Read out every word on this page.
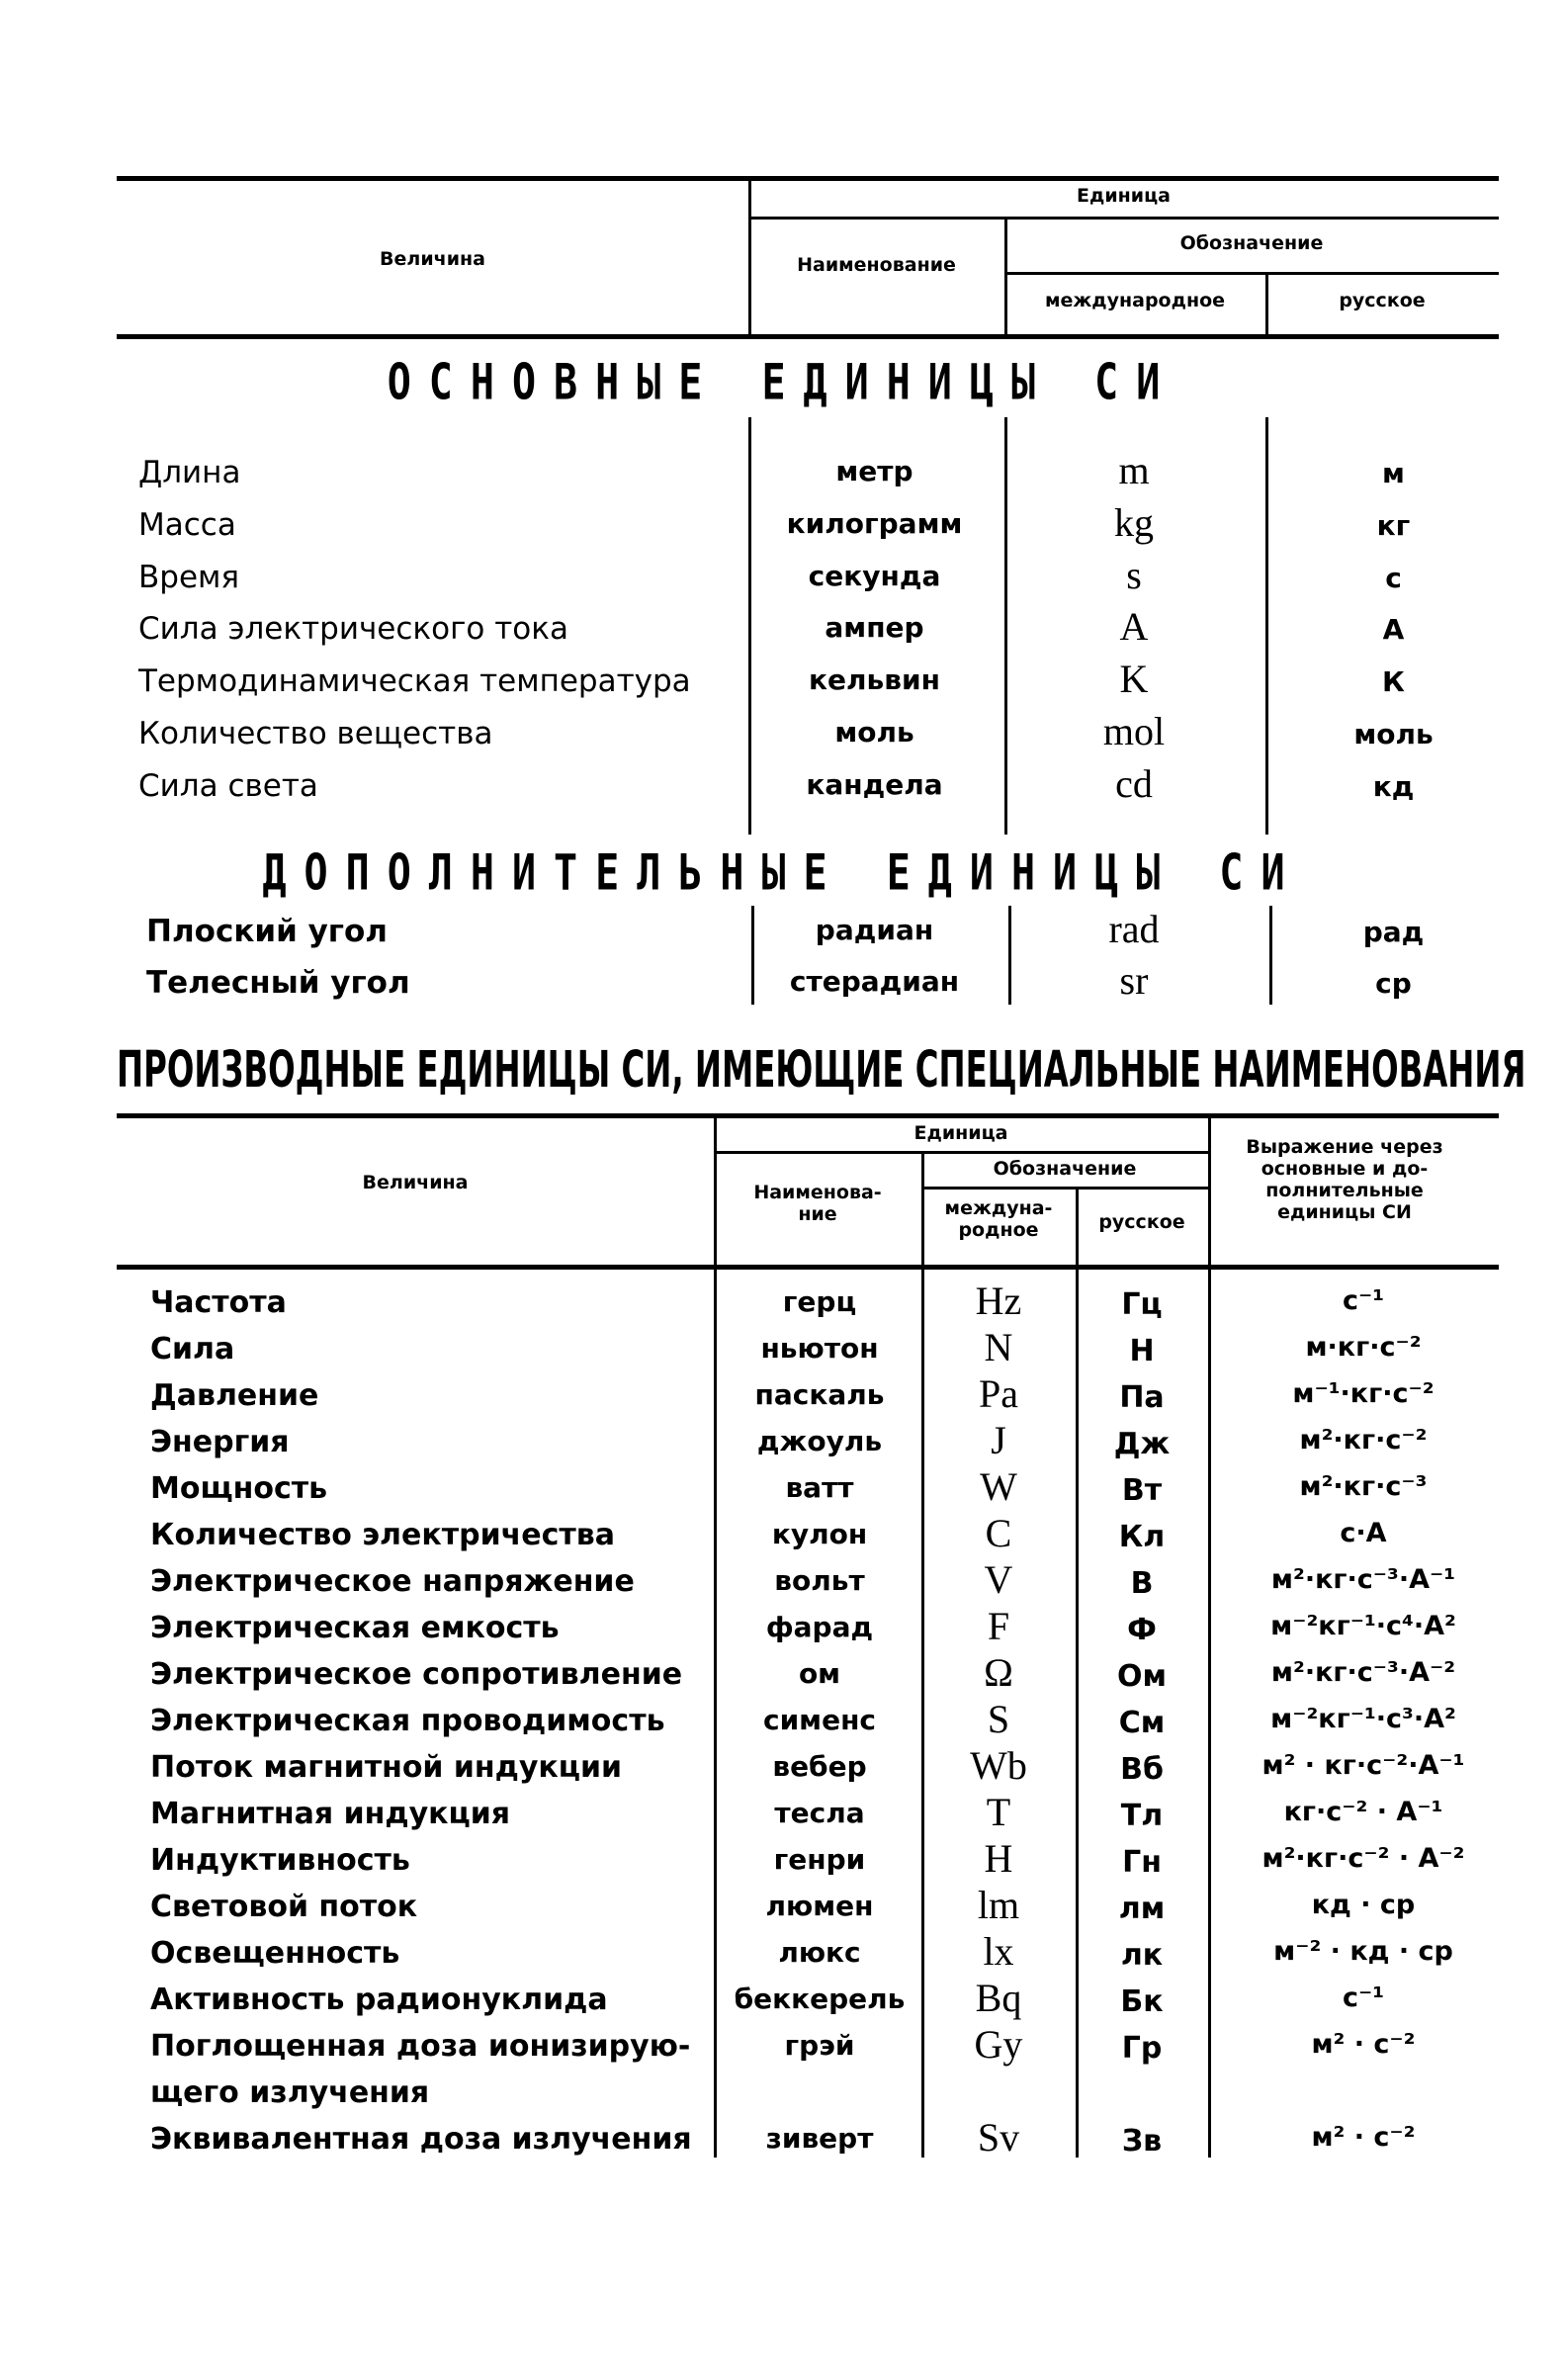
Величина
Единица
Наименование
Обозначение
международное	русское
ОСНОВНЫЕ ЕДИНИЦЫ СИ
Длина	метр	m	м
Масса	килограмм	kg	кг
Время	секунда	s	с
Сила электрического тока	ампер	A	А
Термодинамическая температура	кельвин	K	К
Количество вещества	моль	mol	моль
Сила света	кандела	cd	кд
ДОПОЛНИТЕЛЬНЫЕ ЕДИНИЦЫ СИ
Плоский угол	радиан	rad	рад
Телесный угол	стерадиан	sr	ср
ПРОИЗВОДНЫЕ ЕДИНИЦЫ СИ, ИМЕЮЩИЕ СПЕЦИАЛЬНЫЕ НАИМЕНОВАНИЯ
Величина
Единица
Наименова-
ние
Обозначение
междуна-
родное	русское
Выражение через основные и до-полнительные единицы СИ
Частота	герц	Hz	Гц	с⁻¹
Сила	ньютон	N	Н	м·кг·с⁻²
Давление	паскаль	Pa	Па	м⁻¹·кг·с⁻²
Энергия	джоуль	J	Дж	м²·кг·с⁻²
Мощность	ватт	W	Вт	м²·кг·с⁻³
Количество электричества	кулон	C	Кл	с·А
Электрическое напряжение	вольт	V	В	м²·кг·с⁻³·А⁻¹
Электрическая емкость	фарад	F	Ф	м⁻²кг⁻¹·с⁴·А²
Электрическое сопротивление	ом	Ω	Ом	м²·кг·с⁻³·А⁻²
Электрическая проводимость	сименс	S	См	м⁻²кг⁻¹·с³·А²
Поток магнитной индукции	вебер	Wb	Вб	м² · кг·с⁻²·А⁻¹
Магнитная индукция	тесла	T	Тл	кг·с⁻² · А⁻¹
Индуктивность	генри	H	Гн	м²·кг·с⁻² · А⁻²
Световой поток	люмен	lm	лм	кд · ср
Освещенность	люкс	lx	лк	м⁻² · кд · ср
Активность радионуклида	беккерель	Bq	Бк	с⁻¹
Поглощенная доза ионизирую-	грэй	Gy	Гр	м² · с⁻²
щего излучения
Эквивалентная доза излучения	зиверт	Sv	Зв	м² · с⁻²
